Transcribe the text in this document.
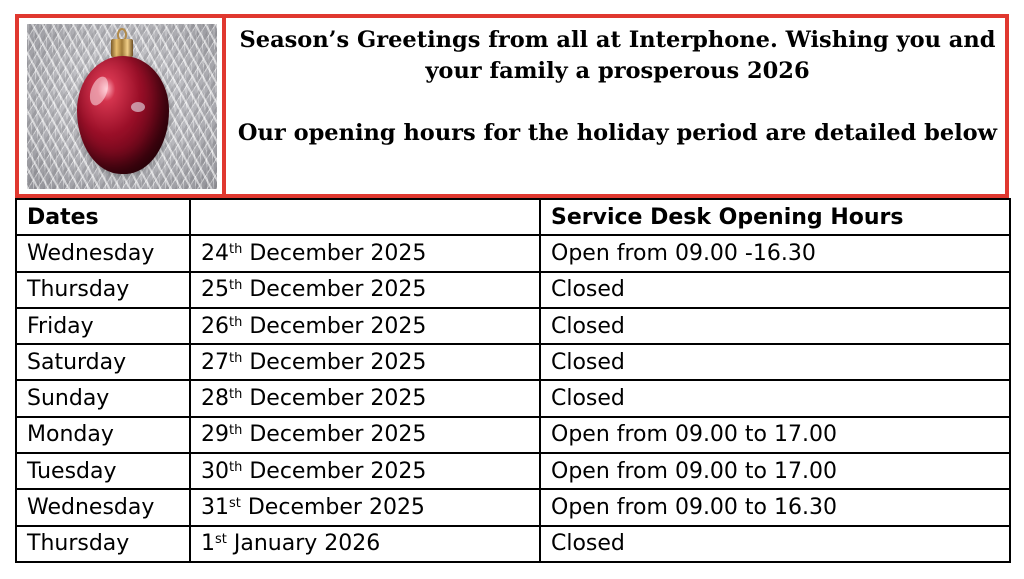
Season’s Greetings from all at Interphone. Wishing you and
your family a prosperous 2026
Our opening hours for the holiday period are detailed below
Dates		Service Desk Opening Hours
Wednesday	24th December 2025	Open from 09.00 -16.30
Thursday	25th December 2025	Closed
Friday	26th December 2025	Closed
Saturday	27th December 2025	Closed
Sunday	28th December 2025	Closed
Monday	29th December 2025	Open from 09.00 to 17.00
Tuesday	30th December 2025	Open from 09.00 to 17.00
Wednesday	31st December 2025	Open from 09.00 to 16.30
Thursday	1st January 2026	Closed
